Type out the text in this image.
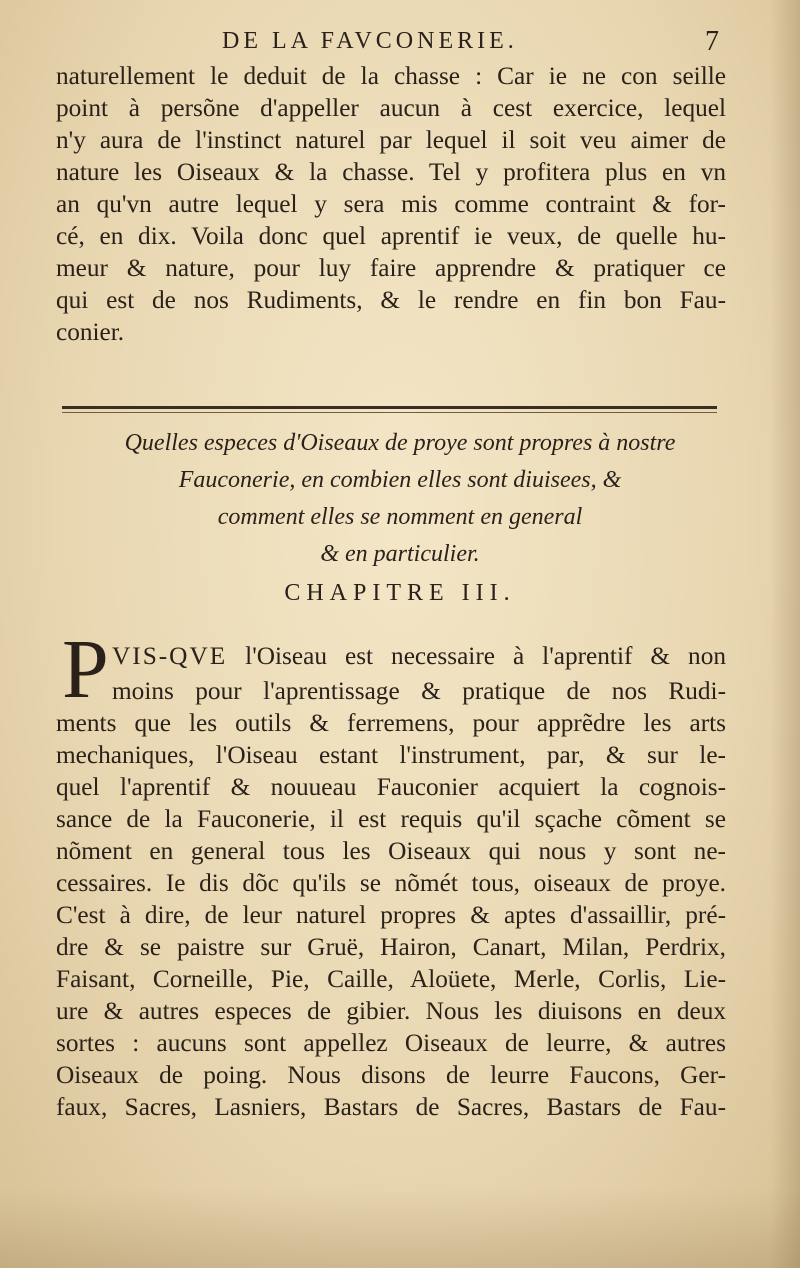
DE LA FAVCONERIE.	7

naturellement le deduit de la chasse : Car ie ne con seille
point à persõne d'appeller aucun à cest exercice, lequel
n'y aura de l'instinct naturel par lequel il soit veu aimer de
nature les Oiseaux & la chasse. Tel y profitera plus en vn
an qu'vn autre lequel y sera mis comme contraint & for-
cé, en dix. Voila donc quel aprentif ie veux, de quelle hu-
meur & nature, pour luy faire apprendre & pratiquer ce
qui est de nos Rudiments, & le rendre en fin bon Fau-
conier.

Quelles especes d'Oiseaux de proye sont propres à nostre
Fauconerie, en combien elles sont diuisees, &
comment elles se nomment en general
& en particulier.
CHAPITRE III.
P VIS-QVE l'Oiseau est necessaire à l'aprentif & non
moins pour l'aprentissage & pratique de nos Rudi-

ments que les outils & ferremens, pour apprẽdre les arts
mechaniques, l'Oiseau estant l'instrument, par, & sur le-
quel l'aprentif & nouueau Fauconier acquiert la cognois-
sance de la Fauconerie, il est requis qu'il sçache cõment se
nõment en general tous les Oiseaux qui nous y sont ne-
cessaires. Ie dis dõc qu'ils se nõmét tous, oiseaux de proye.
C'est à dire, de leur naturel propres & aptes d'assaillir, pré-
dre & se paistre sur Gruë, Hairon, Canart, Milan, Perdrix,
Faisant, Corneille, Pie, Caille, Aloüete, Merle, Corlis, Lie-
ure & autres especes de gibier. Nous les diuisons en deux
sortes : aucuns sont appellez Oiseaux de leurre, & autres
Oiseaux de poing. Nous disons de leurre Faucons, Ger-
faux, Sacres, Lasniers, Bastars de Sacres, Bastars de Fau-
